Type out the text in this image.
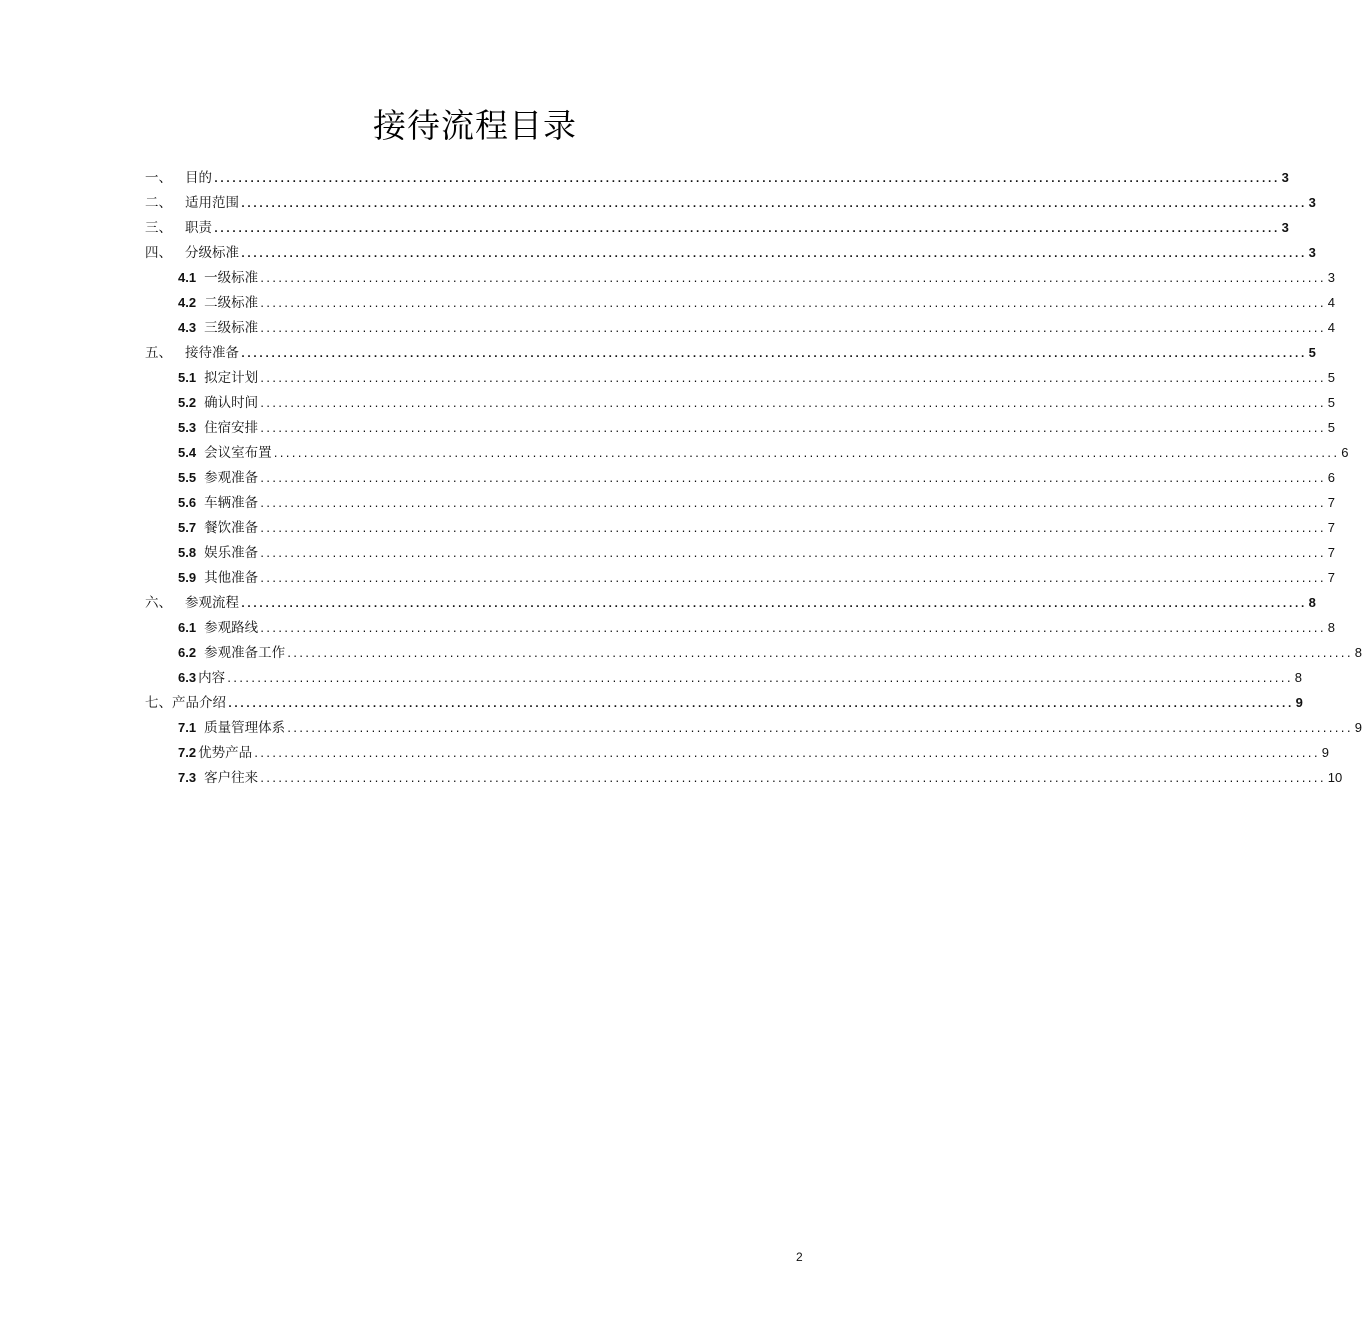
接待流程目录
一、 目的 ................................................................................................................................................................................. 3
二、 适用范围 ................................................................................................................................................................................. 3
三、 职责 ................................................................................................................................................................................. 3
四、 分级标准 ................................................................................................................................................................................. 3
4.1 一级标准 ................................................................................................................................................................................. 3
4.2 二级标准 ................................................................................................................................................................................. 4
4.3 三级标准 ................................................................................................................................................................................. 4
五、 接待准备 ................................................................................................................................................................................. 5
5.1 拟定计划 ................................................................................................................................................................................. 5
5.2 确认时间 ................................................................................................................................................................................. 5
5.3 住宿安排 ................................................................................................................................................................................. 5
5.4 会议室布置 ................................................................................................................................................................................. 6
5.5 参观准备 ................................................................................................................................................................................. 6
5.6 车辆准备 ................................................................................................................................................................................. 7
5.7 餐饮准备 ................................................................................................................................................................................. 7
5.8 娱乐准备 ................................................................................................................................................................................. 7
5.9 其他准备 ................................................................................................................................................................................. 7
六、 参观流程 ................................................................................................................................................................................. 8
6.1 参观路线 ................................................................................................................................................................................. 8
6.2 参观准备工作 ................................................................................................................................................................................. 8
6.3 内容 ................................................................................................................................................................................. 8
七、 产品介绍 ................................................................................................................................................................................. 9
7.1 质量管理体系 ................................................................................................................................................................................. 9
7.2 优势产品 ................................................................................................................................................................................. 9
7.3 客户往来 ................................................................................................................................................................................. 10
2
